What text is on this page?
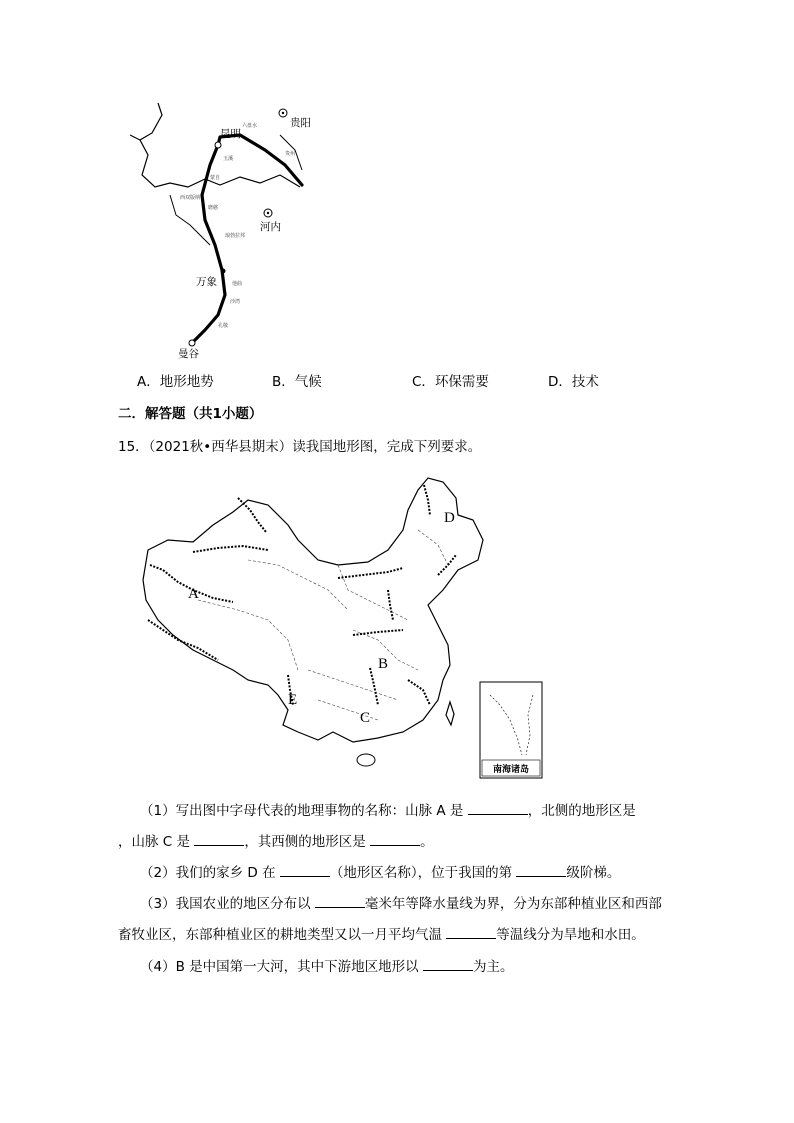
六盘水
贵州
玉溪
蒙自
西双版纳
磨憨
琅勃拉邦
他曲
沙湾
孔敬
贵阳
昆明
河内
万象
曼谷
A．地形地势	B．气候	C．环保需要	D．技术
二．解答题（共1小题）
15．（2021秋•西华县期末）读我国地形图，完成下列要求。
南海诸岛
A
B
C
D
E
（1）写出图中字母代表的地理事物的名称：山脉 A 是	，北侧的地形区是
，山脉 C 是	，其西侧的地形区是	。
（2）我们的家乡 D 在	（地形区名称），位于我国的第	级阶梯。
（3）我国农业的地区分布以	毫米年等降水量线为界，分为东部种植业区和西部
畜牧业区，东部种植业区的耕地类型又以一月平均气温	等温线分为旱地和水田。
（4）B 是中国第一大河，其中下游地区地形以	为主。
